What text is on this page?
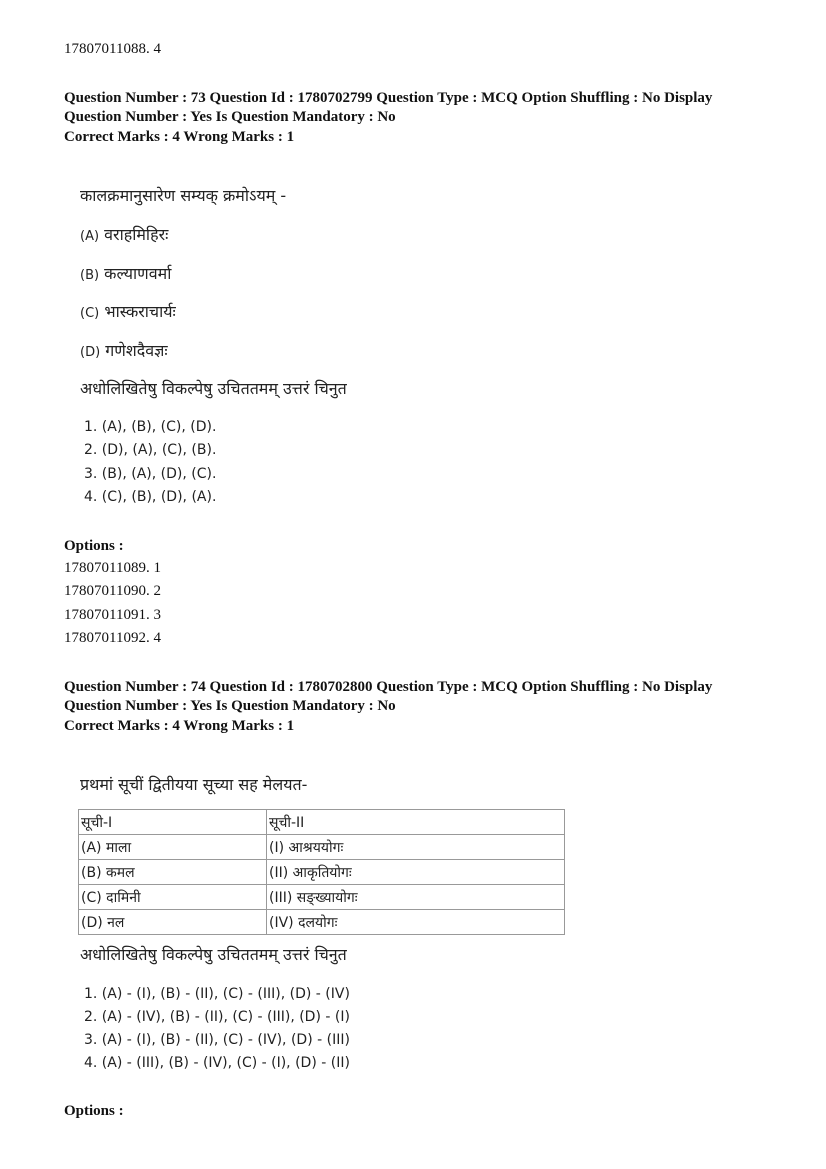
17807011088. 4
Question Number : 73 Question Id : 1780702799 Question Type : MCQ Option Shuffling : No Display
Question Number : Yes Is Question Mandatory : No
Correct Marks : 4 Wrong Marks : 1
कालक्रमानुसारेण सम्यक् क्रमोऽयम् -
(A) वराहमिहिरः
(B) कल्याणवर्मा
(C) भास्कराचार्यः
(D) गणेशदैवज्ञः
अधोलिखितेषु विकल्पेषु उचिततमम् उत्तरं चिनुत
1. (A), (B), (C), (D).
2. (D), (A), (C), (B).
3. (B), (A), (D), (C).
4. (C), (B), (D), (A).
Options :
17807011089. 1
17807011090. 2
17807011091. 3
17807011092. 4
Question Number : 74 Question Id : 1780702800 Question Type : MCQ Option Shuffling : No Display
Question Number : Yes Is Question Mandatory : No
Correct Marks : 4 Wrong Marks : 1
प्रथमां सूचीं द्वितीयया सूच्या सह मेलयत-
सूची-I	सूची-II
(A) माला	(I) आश्रययोगः
(B) कमल	(II) आकृतियोगः
(C) दामिनी	(III) सङ्ख्यायोगः
(D) नल	(IV) दलयोगः
अधोलिखितेषु विकल्पेषु उचिततमम् उत्तरं चिनुत
1. (A) - (I), (B) - (II), (C) - (III), (D) - (IV)
2. (A) - (IV), (B) - (II), (C) - (III), (D) - (I)
3. (A) - (I), (B) - (II), (C) - (IV), (D) - (III)
4. (A) - (III), (B) - (IV), (C) - (I), (D) - (II)
Options :
